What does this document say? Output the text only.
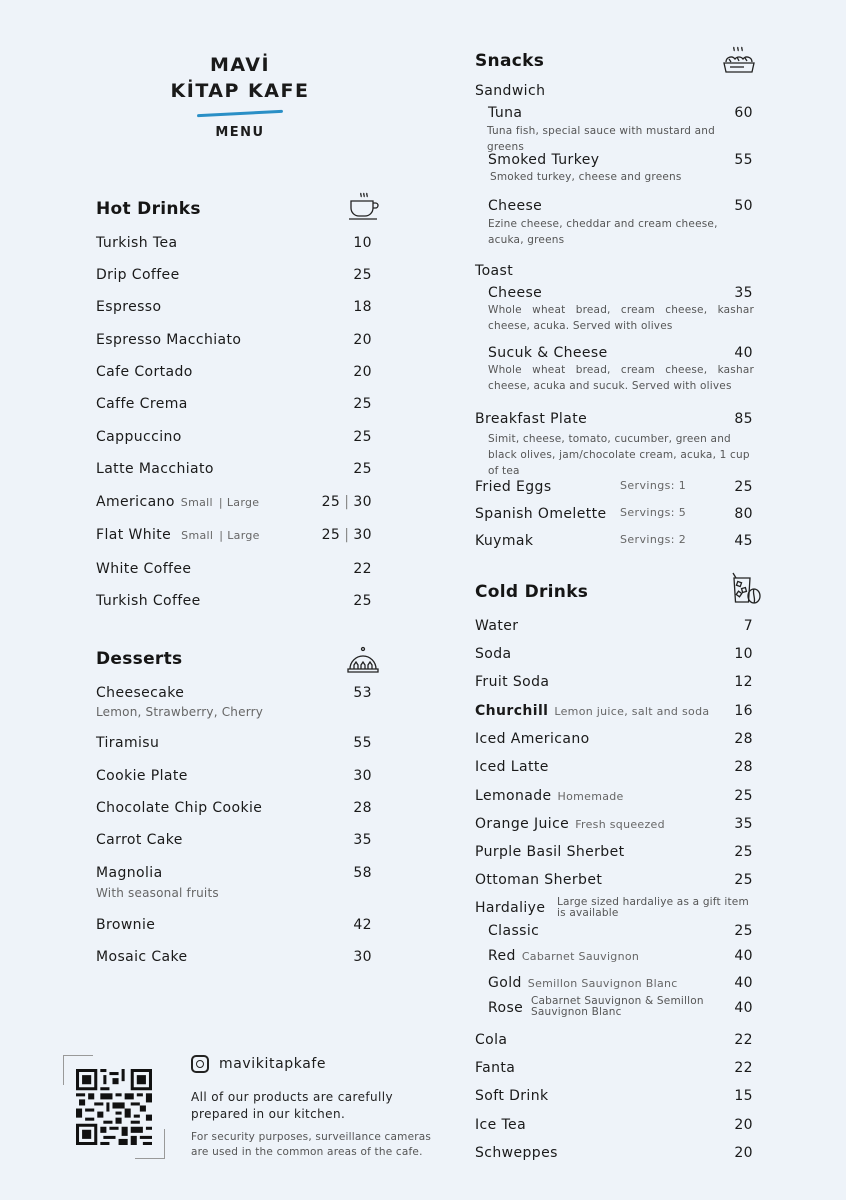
MAVİ
KİTAP KAFE
MENU
Hot Drinks
Turkish Tea	10
Drip Coffee	25
Espresso	18
Espresso Macchiato	20
Cafe Cortado	20
Caffe Crema	25
Cappuccino	25
Latte Macchiato	25
Americano Small | Large	25 | 30
Flat White Small | Large	25 | 30
White Coffee	22
Turkish Coffee	25
Desserts
Cheesecake	53
Lemon, Strawberry, Cherry
Tiramisu	55
Cookie Plate	30
Chocolate Chip Cookie	28
Carrot Cake	35
Magnolia	58
With seasonal fruits
Brownie	42
Mosaic Cake	30
mavikitapkafe
All of our products are carefully prepared in our kitchen.
For security purposes, surveillance cameras are used in the common areas of the cafe.
Snacks
Sandwich
Tuna	60
Tuna fish, special sauce with mustard and greens
Smoked Turkey	55
Smoked turkey, cheese and greens
Cheese	50
Ezine cheese, cheddar and cream cheese, acuka, greens
Toast
Cheese	35
Whole wheat bread, cream cheese, kashar cheese, acuka. Served with olives
Sucuk & Cheese	40
Whole wheat bread, cream cheese, kashar cheese, acuka and sucuk. Served with olives
Breakfast Plate	85
Simit, cheese, tomato, cucumber, green and black olives, jam/chocolate cream, acuka, 1 cup of tea
Fried Eggs	Servings: 1	25
Spanish Omelette Servings: 5	80
Kuymak	Servings: 2	45
Cold Drinks
Water	7
Soda	10
Fruit Soda	12
Churchill Lemon juice, salt and soda 16
Iced Americano	28
Iced Latte	28
Lemonade Homemade	25
Orange Juice Fresh squeezed	35
Purple Basil Sherbet	25
Ottoman Sherbet	25
Hardaliye Large sized hardaliye as a gift item is available
Classic	25
Red Cabarnet Sauvignon	40
Gold Semillon Sauvignon Blanc	40
Rose	40
Cabarnet Sauvignon & Semillon Sauvignon Blanc
Cola	22
Fanta	22
Soft Drink	15
Ice Tea	20
Schweppes	20
